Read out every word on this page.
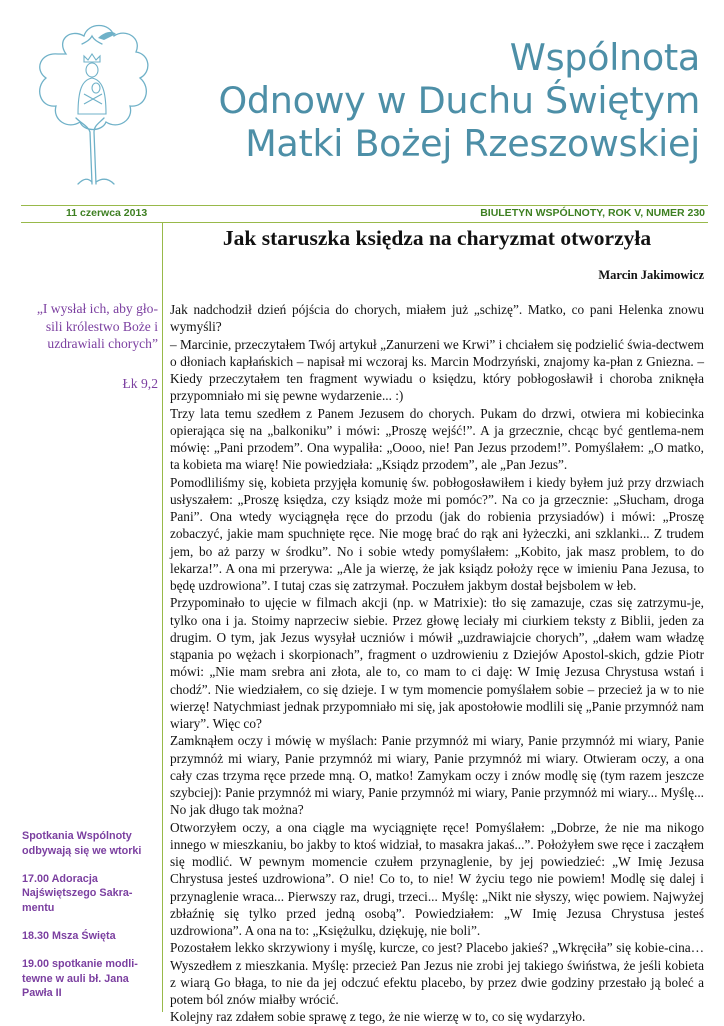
Wspólnota
Odnowy w Duchu Świętym
Matki Bożej Rzeszowskiej
11 czerwca 2013	BIULETYN WSPÓLNOTY, ROK V, NUMER 230
„I wysłał ich, aby gło-sili królestwo Boże i uzdrawiali chorych”
Łk 9,2
Spotkania Wspólnoty odbywają się we wtorki
17.00 Adoracja Najświętszego Sakra-mentu
18.30 Msza Święta
19.00 spotkanie modli-tewne w auli bł. Jana Pawła II
Jak staruszka księdza na charyzmat otworzyła
Marcin Jakimowicz

Jak nadchodził dzień pójścia do chorych, miałem już „schizę”. Matko, co pani Helenka znowu wymyśli?

– Marcinie, przeczytałem Twój artykuł „Zanurzeni we Krwi” i chciałem się podzielić świa-dectwem o dłoniach kapłańskich – napisał mi wczoraj ks. Marcin Modrzyński, znajomy ka-płan z Gniezna. – Kiedy przeczytałem ten fragment wywiadu o księdzu, który pobłogosławił i choroba zniknęła przypomniało mi się pewne wydarzenie... :)

Trzy lata temu szedłem z Panem Jezusem do chorych. Pukam do drzwi, otwiera mi kobiecinka opierająca się na „balkoniku” i mówi: „Proszę wejść!”. A ja grzecznie, chcąc być gentlema-nem mówię: „Pani przodem”. Ona wypaliła: „Oooo, nie! Pan Jezus przodem!”. Pomyślałem: „O matko, ta kobieta ma wiarę! Nie powiedziała: „Ksiądz przodem”, ale „Pan Jezus”.

Pomodliliśmy się, kobieta przyjęła komunię św. pobłogosławiłem i kiedy byłem już przy drzwiach usłyszałem: „Proszę księdza, czy ksiądz może mi pomóc?”. Na co ja grzecznie: „Słucham, droga Pani”. Ona wtedy wyciągnęła ręce do przodu (jak do robienia przysiadów) i mówi: „Proszę zobaczyć, jakie mam spuchnięte ręce. Nie mogę brać do rąk ani łyżeczki, ani szklanki... Z trudem jem, bo aż parzy w środku”. No i sobie wtedy pomyślałem: „Kobito, jak masz problem, to do lekarza!”. A ona mi przerywa: „Ale ja wierzę, że jak ksiądz położy ręce w imieniu Pana Jezusa, to będę uzdrowiona”. I tutaj czas się zatrzymał. Poczułem jakbym dostał bejsbolem w łeb.

Przypominało to ujęcie w filmach akcji (np. w Matrixie): tło się zamazuje, czas się zatrzymu-je, tylko ona i ja. Stoimy naprzeciw siebie. Przez głowę leciały mi ciurkiem teksty z Biblii, jeden za drugim. O tym, jak Jezus wysyłał uczniów i mówił „uzdrawiajcie chorych”, „dałem wam władzę stąpania po wężach i skorpionach”, fragment o uzdrowieniu z Dziejów Apostol-skich, gdzie Piotr mówi: „Nie mam srebra ani złota, ale to, co mam to ci daję: W Imię Jezusa Chrystusa wstań i chodź”. Nie wiedziałem, co się dzieje. I w tym momencie pomyślałem sobie – przecież ja w to nie wierzę! Natychmiast jednak przypomniało mi się, jak apostołowie modlili się „Panie przymnóż nam wiary”. Więc co?

Zamknąłem oczy i mówię w myślach: Panie przymnóż mi wiary, Panie przymnóż mi wiary, Panie przymnóż mi wiary, Panie przymnóż mi wiary, Panie przymnóż mi wiary. Otwieram oczy, a ona cały czas trzyma ręce przede mną. O, matko! Zamykam oczy i znów modlę się (tym razem jeszcze szybciej): Panie przymnóż mi wiary, Panie przymnóż mi wiary, Panie przymnóż mi wiary... Myślę... No jak długo tak można?

Otworzyłem oczy, a ona ciągle ma wyciągnięte ręce! Pomyślałem: „Dobrze, że nie ma nikogo innego w mieszkaniu, bo jakby to ktoś widział, to masakra jakaś...”. Położyłem swe ręce i zacząłem się modlić. W pewnym momencie czułem przynaglenie, by jej powiedzieć: „W Imię Jezusa Chrystusa jesteś uzdrowiona”. O nie! Co to, to nie! W życiu tego nie powiem! Modlę się dalej i przynaglenie wraca... Pierwszy raz, drugi, trzeci... Myślę: „Nikt nie słyszy, więc powiem. Najwyżej zbłaźnię się tylko przed jedną osobą”. Powiedziałem: „W Imię Jezusa Chrystusa jesteś uzdrowiona”. A ona na to: „Księżulku, dziękuję, nie boli”.

Pozostałem lekko skrzywiony i myślę, kurcze, co jest? Placebo jakieś? „Wkręciła” się kobie-cina… Wyszedłem z mieszkania. Myślę: przecież Pan Jezus nie zrobi jej takiego świństwa, że jeśli kobieta z wiarą Go błaga, to nie da jej odczuć efektu placebo, by przez dwie godziny przestało ją boleć a potem ból znów miałby wrócić.

Kolejny raz zdałem sobie sprawę z tego, że nie wierzę w to, co się wydarzyło.
